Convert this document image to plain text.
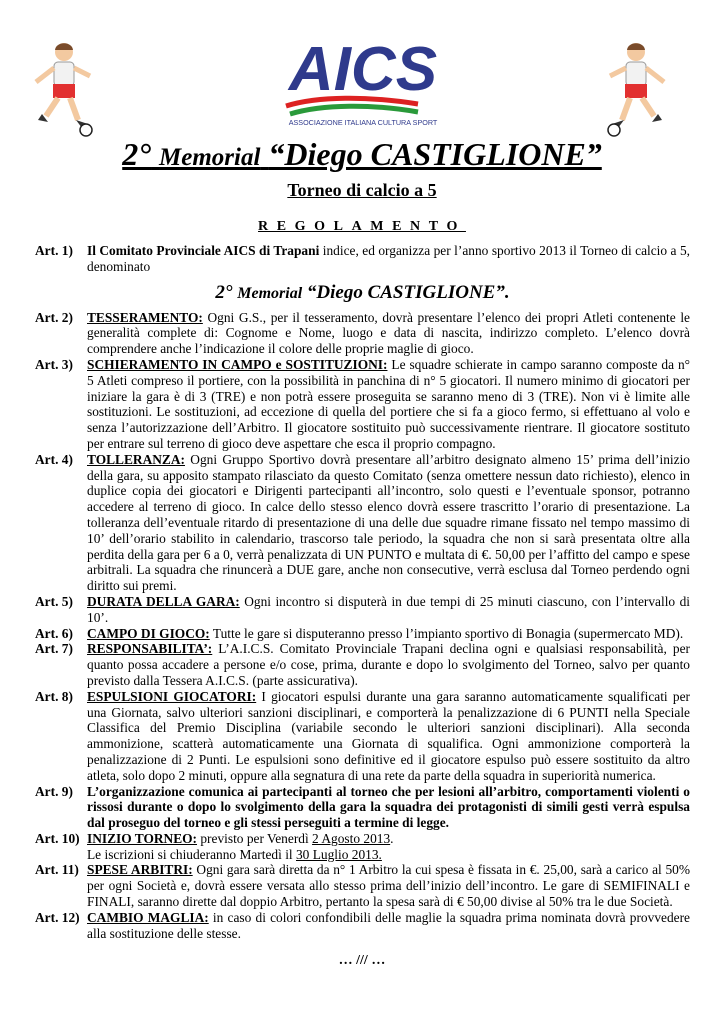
AICS
ASSOCIAZIONE ITALIANA CULTURA SPORT
2° Memorial “Diego CASTIGLIONE”
Torneo di calcio a 5
REGOLAMENTO
Art. 1)	Il Comitato Provinciale AICS di Trapani indice, ed organizza per l’anno sportivo 2013 il Torneo di calcio a 5, denominato
2° Memorial “Diego CASTIGLIONE”.
Art. 2)	TESSERAMENTO: Ogni G.S., per il tesseramento, dovrà presentare l’elenco dei propri Atleti contenente le generalità complete di: Cognome e Nome, luogo e data di nascita, indirizzo completo. L’elenco dovrà comprendere anche l’indicazione il colore delle proprie maglie di gioco.
Art. 3)	SCHIERAMENTO IN CAMPO e SOSTITUZIONI: Le squadre schierate in campo saranno composte da n° 5 Atleti compreso il portiere, con la possibilità in panchina di n° 5 giocatori. Il numero minimo di giocatori per iniziare la gara è di 3 (TRE) e non potrà essere proseguita se saranno meno di 3 (TRE). Non vi è limite alle sostituzioni. Le sostituzioni, ad eccezione di quella del portiere che si fa a gioco fermo, si effettuano al volo e senza l’autorizzazione dell’Arbitro. Il giocatore sostituito può successivamente rientrare. Il giocatore sostituto per entrare sul terreno di gioco deve aspettare che esca il proprio compagno.
Art. 4)	TOLLERANZA: Ogni Gruppo Sportivo dovrà presentare all’arbitro designato almeno 15’ prima dell’inizio della gara, su apposito stampato rilasciato da questo Comitato (senza omettere nessun dato richiesto), elenco in duplice copia dei giocatori e Dirigenti partecipanti all’incontro, solo questi e l’eventuale sponsor, potranno accedere al terreno di gioco. In calce dello stesso elenco dovrà essere trascritto l’orario di presentazione. La tolleranza dell’eventuale ritardo di presentazione di una delle due squadre rimane fissato nel tempo massimo di 10’ dell’orario stabilito in calendario, trascorso tale periodo, la squadra che non si sarà presentata oltre alla perdita della gara per 6 a 0, verrà penalizzata di UN PUNTO e multata di €. 50,00 per l’affitto del campo e spese arbitrali. La squadra che rinuncerà a DUE gare, anche non consecutive, verrà esclusa dal Torneo perdendo ogni diritto sui premi.
Art. 5)	DURATA DELLA GARA: Ogni incontro si disputerà in due tempi di 25 minuti ciascuno, con l’intervallo di 10’.
Art. 6)	CAMPO DI GIOCO: Tutte le gare si disputeranno presso l’impianto sportivo di Bonagia (supermercato MD).
Art. 7)	RESPONSABILITA’: L’A.I.C.S. Comitato Provinciale Trapani declina ogni e qualsiasi responsabilità, per quanto possa accadere a persone e/o cose, prima, durante e dopo lo svolgimento del Torneo, salvo per quanto previsto dalla Tessera A.I.C.S. (parte assicurativa).
Art. 8)	ESPULSIONI GIOCATORI: I giocatori espulsi durante una gara saranno automaticamente squalificati per una Giornata, salvo ulteriori sanzioni disciplinari, e comporterà la penalizzazione di 6 PUNTI nella Speciale Classifica del Premio Disciplina (variabile secondo le ulteriori sanzioni disciplinari). Alla seconda ammonizione, scatterà automaticamente una Giornata di squalifica. Ogni ammonizione comporterà la penalizzazione di 2 Punti. Le espulsioni sono definitive ed il giocatore espulso può essere sostituito da altro atleta, solo dopo 2 minuti, oppure alla segnatura di una rete da parte della squadra in superiorità numerica.
Art. 9)	L’organizzazione comunica ai partecipanti al torneo che per lesioni all’arbitro, comportamenti violenti o rissosi durante o dopo lo svolgimento della gara la squadra dei protagonisti di simili gesti verrà espulsa dal proseguo del torneo e gli stessi perseguiti a termine di legge.
Art. 10) INIZIO TORNEO: previsto per Venerdì 2 Agosto 2013.
Le iscrizioni si chiuderanno Martedì il 30 Luglio 2013.
Art. 11) SPESE ARBITRI: Ogni gara sarà diretta da n° 1 Arbitro la cui spesa è fissata in €. 25,00, sarà a carico al 50% per ogni Società e, dovrà essere versata allo stesso prima dell’inizio dell’incontro. Le gare di SEMIFINALI e FINALI, saranno dirette dal doppio Arbitro, pertanto la spesa sarà di € 50,00 divise al 50% tra le due Società.
Art. 12) CAMBIO MAGLIA: in caso di colori confondibili delle maglie la squadra prima nominata dovrà provvedere alla sostituzione delle stesse.
… /// …
